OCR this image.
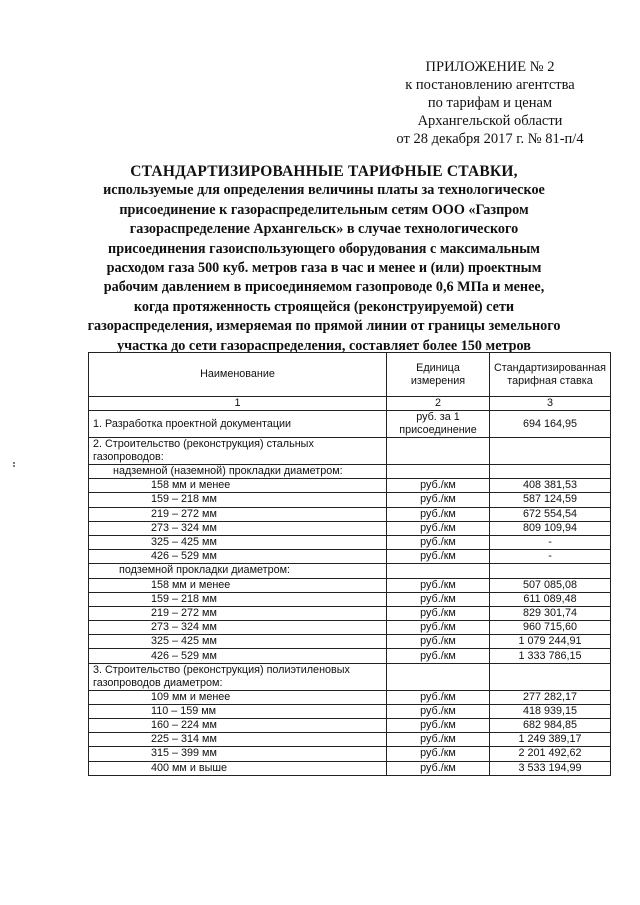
ПРИЛОЖЕНИЕ № 2
к постановлению агентства
по тарифам и ценам
Архангельской области
от 28 декабря 2017 г. № 81-п/4
СТАНДАРТИЗИРОВАННЫЕ ТАРИФНЫЕ СТАВКИ,
используемые для определения величины платы за технологическое
присоединение к газораспределительным сетям ООО «Газпром
газораспределение Архангельск» в случае технологического
присоединения газоиспользующего оборудования с максимальным
расходом газа 500 куб. метров газа в час и менее и (или) проектным
рабочим давлением в присоединяемом газопроводе 0,6 МПа и менее,
когда протяженность строящейся (реконструируемой) сети
газораспределения, измеряемая по прямой линии от границы земельного
участка до сети газораспределения, составляет более 150 метров
Наименование	Единица измерения	Стандартизированная тарифная ставка
1	2	3
1. Разработка проектной документации	руб. за 1 присоединение	694 164,95
2. Строительство (реконструкция) стальных газопроводов:		
надземной (наземной) прокладки диаметром:		
158 мм и менее	руб./км	408 381,53
159 – 218 мм	руб./км	587 124,59
219 – 272 мм	руб./км	672 554,54
273 – 324 мм	руб./км	809 109,94
325 – 425 мм	руб./км	-
426 – 529 мм	руб./км	-
подземной прокладки диаметром:		
158 мм и менее	руб./км	507 085,08
159 – 218 мм	руб./км	611 089,48
219 – 272 мм	руб./км	829 301,74
273 – 324 мм	руб./км	960 715,60
325 – 425 мм	руб./км	1 079 244,91
426 – 529 мм	руб./км	1 333 786,15
3. Строительство (реконструкция) полиэтиленовых газопроводов диаметром:		
109 мм и менее	руб./км	277 282,17
110 – 159 мм	руб./км	418 939,15
160 – 224 мм	руб./км	682 984,85
225 – 314 мм	руб./км	1 249 389,17
315 – 399 мм	руб./км	2 201 492,62
400 мм и выше	руб./км	3 533 194,99
